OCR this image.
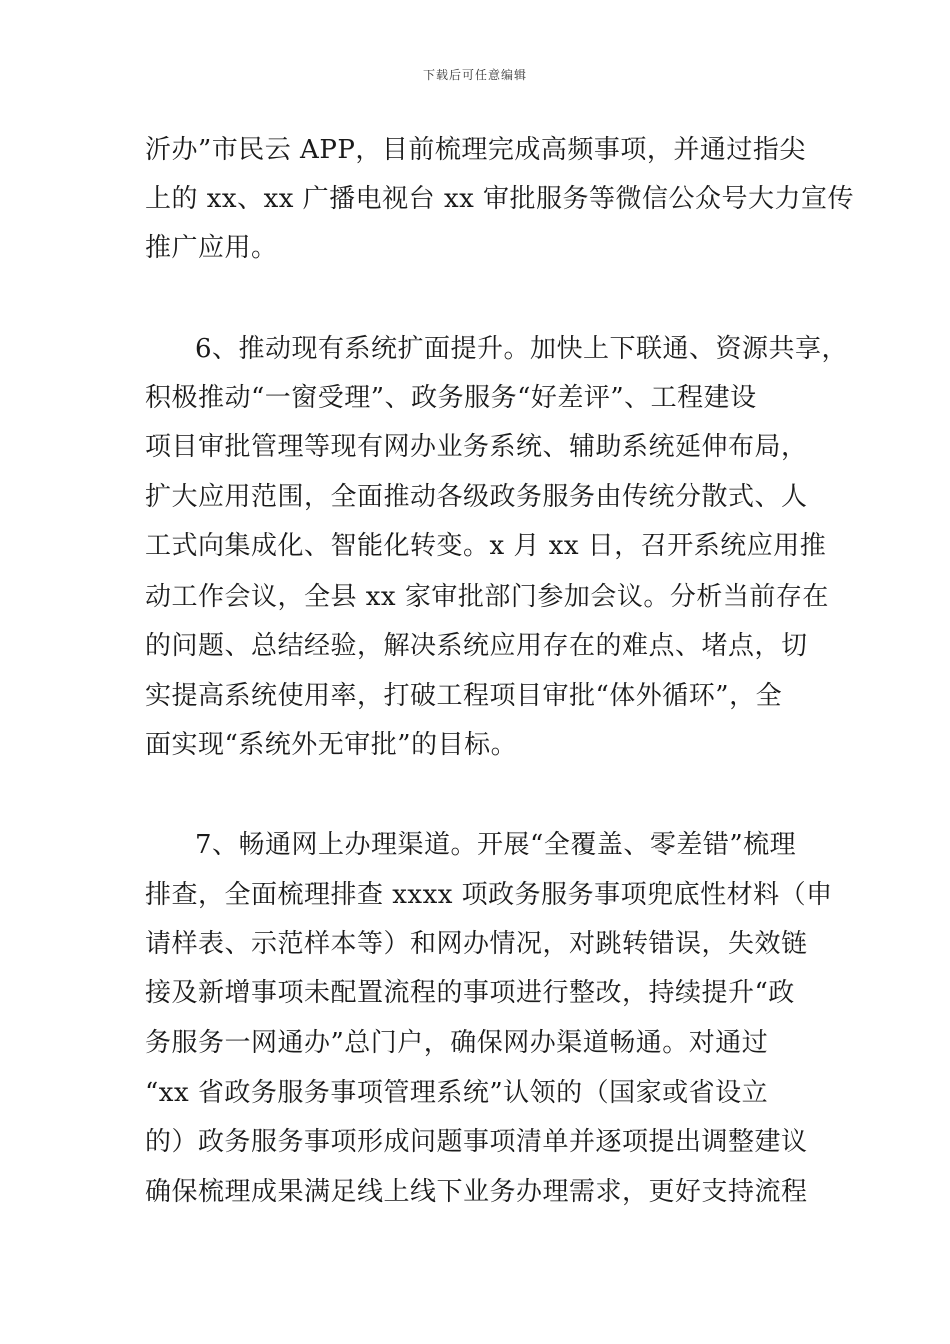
下载后可任意编辑
沂办”市民云 APP，目前梳理完成高频事项，并通过指尖
上的 xx、xx 广播电视台 xx 审批服务等微信公众号大力宣传
推广应用。
6、推动现有系统扩面提升。加快上下联通、资源共享，
积极推动“一窗受理”、政务服务“好差评”、工程建设
项目审批管理等现有网办业务系统、辅助系统延伸布局，
扩大应用范围，全面推动各级政务服务由传统分散式、人
工式向集成化、智能化转变。x 月 xx 日，召开系统应用推
动工作会议，全县 xx 家审批部门参加会议。分析当前存在
的问题、总结经验，解决系统应用存在的难点、堵点，切
实提高系统使用率，打破工程项目审批“体外循环”，全
面实现“系统外无审批”的目标。
7、畅通网上办理渠道。开展“全覆盖、零差错”梳理
排查，全面梳理排查 xxxx 项政务服务事项兜底性材料（申
请样表、示范样本等）和网办情况，对跳转错误，失效链
接及新增事项未配置流程的事项进行整改，持续提升“政
务服务一网通办”总门户，确保网办渠道畅通。对通过
“xx 省政务服务事项管理系统”认领的（国家或省设立
的）政务服务事项形成问题事项清单并逐项提出调整建议
确保梳理成果满足线上线下业务办理需求，更好支持流程
